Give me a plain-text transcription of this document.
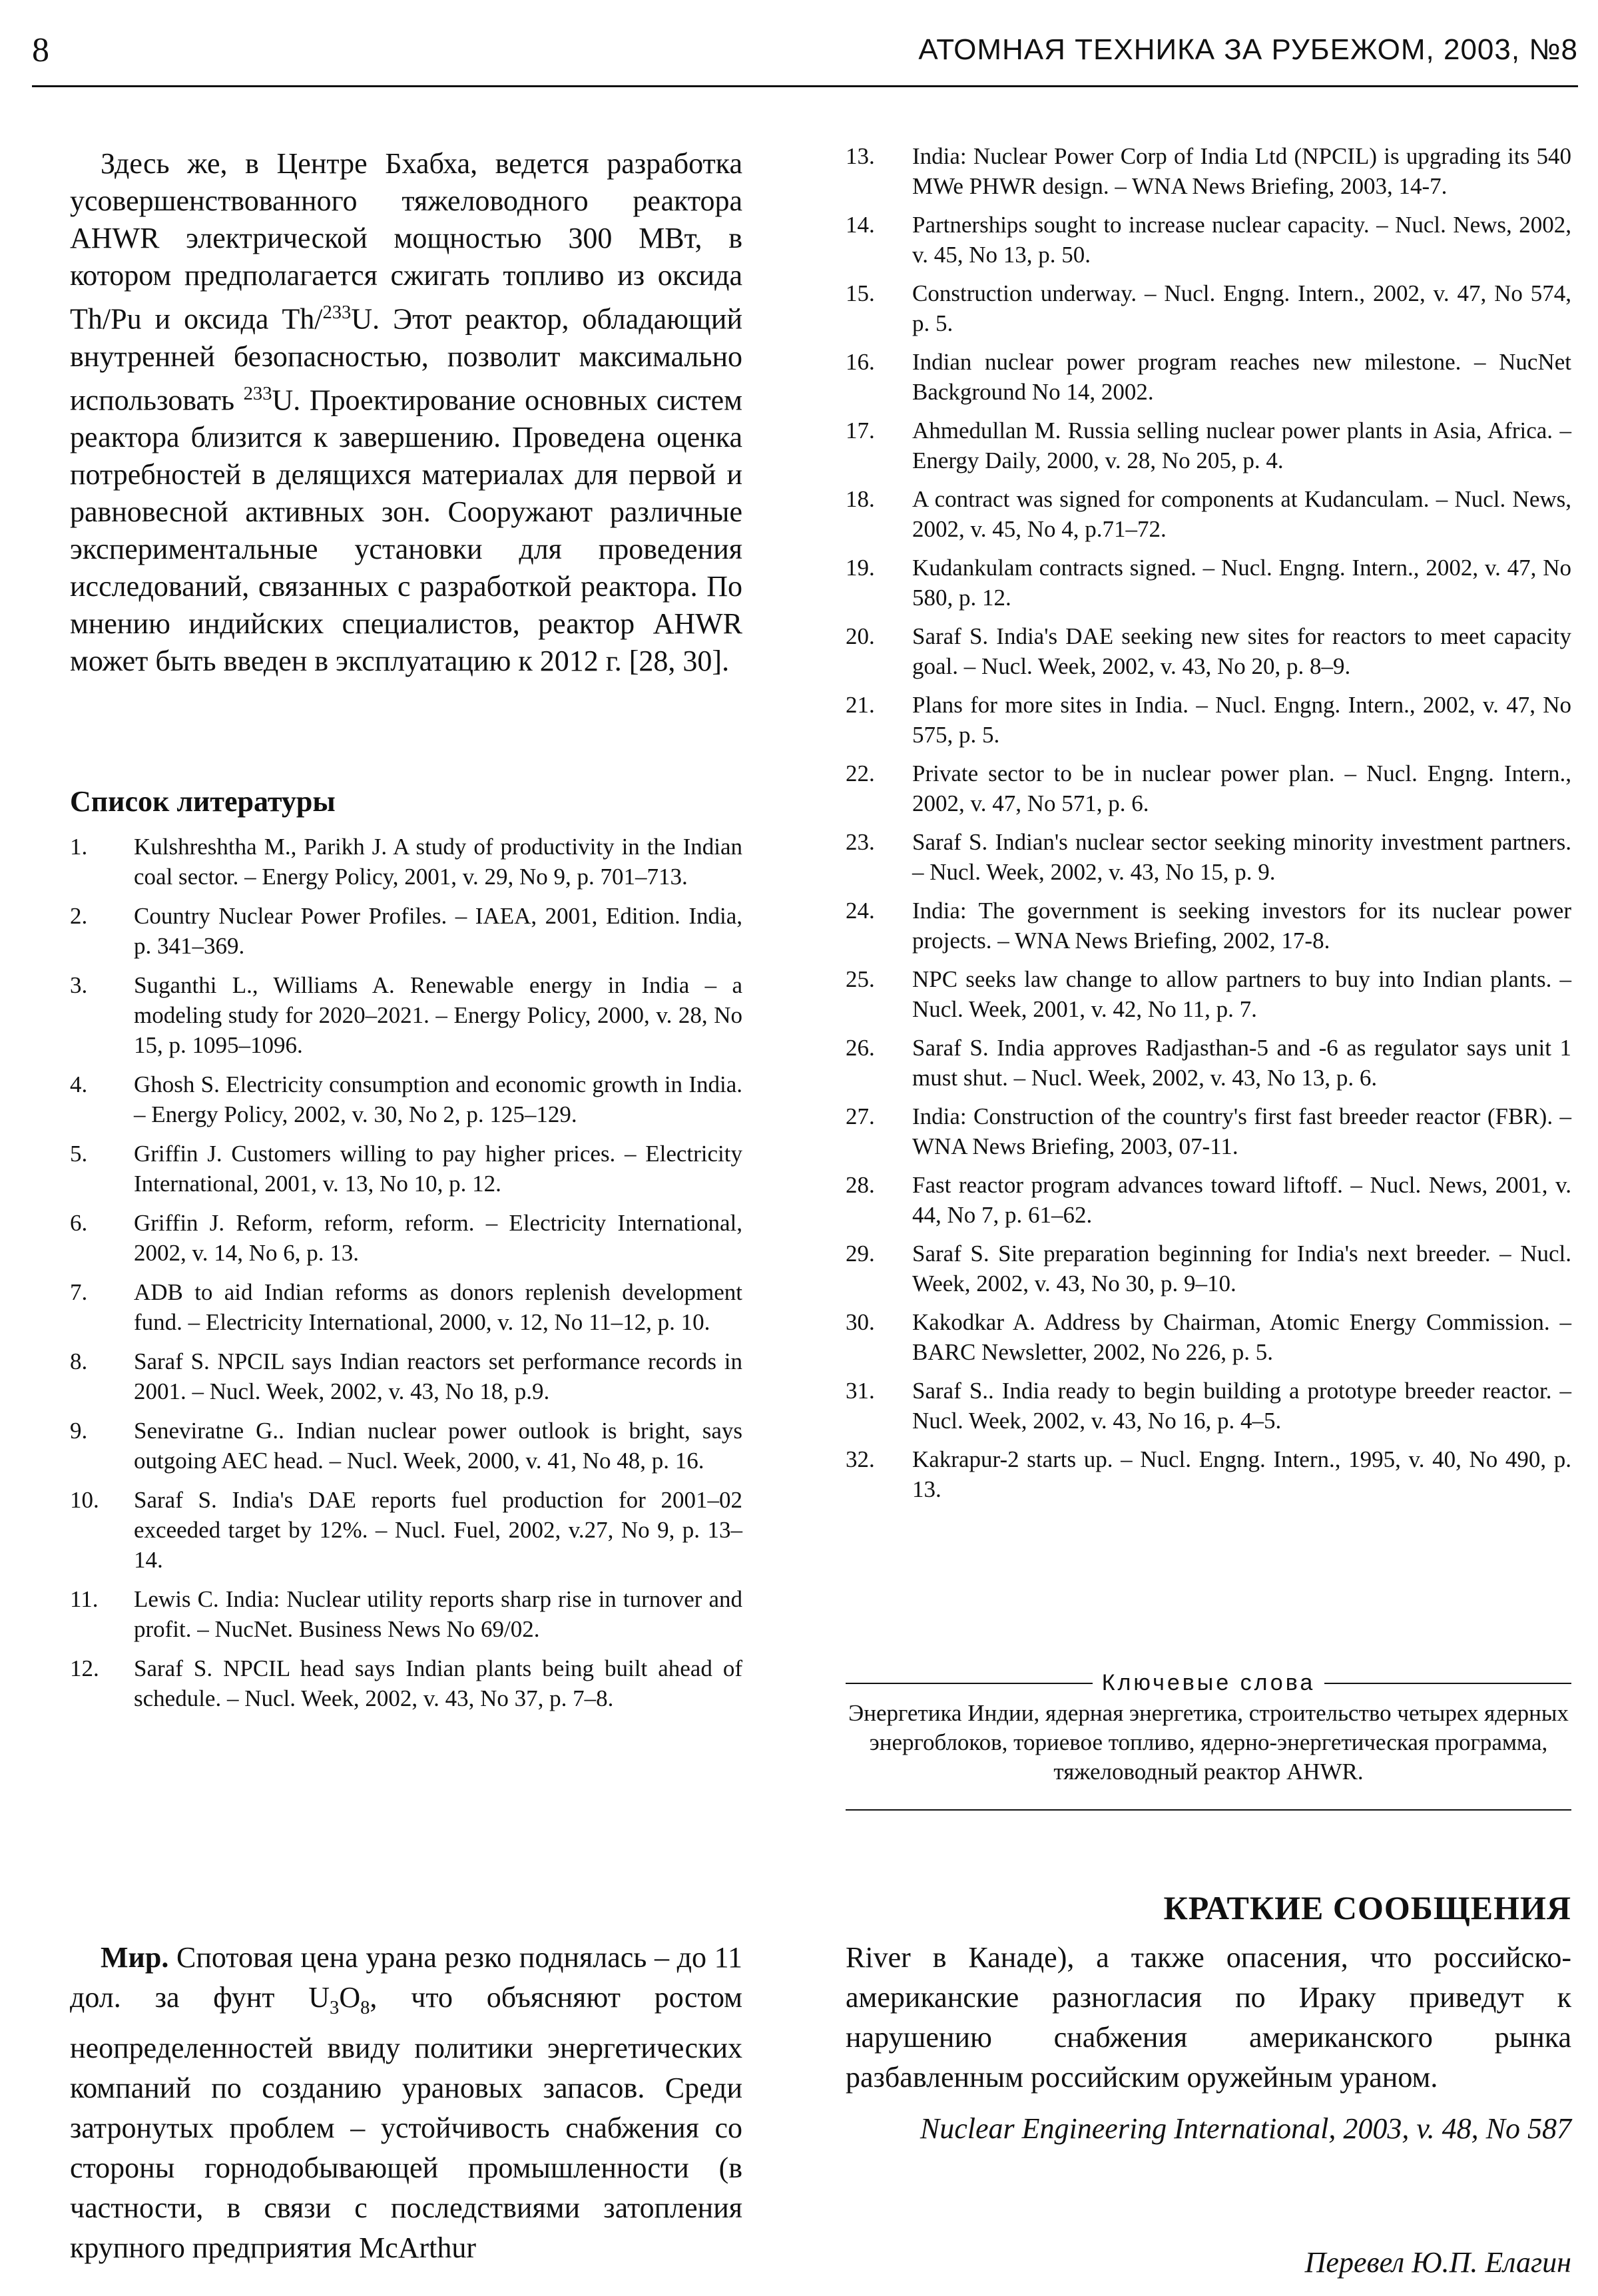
8	АТОМНАЯ ТЕХНИКА ЗА РУБЕЖОМ, 2003, №8
Здесь же, в Центре Бхабха, ведется разработка усовершенствованного тяжеловодного реактора AHWR электрической мощностью 300 МВт, в котором предполагается сжигать топливо из оксида Th/Pu и оксида Th/$^{233}$U. Этот реактор, обладающий внутренней безопасностью, позволит максимально использовать $^{233}$U. Проектирование основных систем реактора близится к завершению. Проведена оценка потребностей в делящихся материалах для первой и равновесной активных зон. Сооружают различные экспериментальные установки для проведения исследований, связанных с разработкой реактора. По мнению индийских специалистов, реактор AHWR может быть введен в эксплуатацию к 2012 г. [28, 30].
Список литературы
1. Kulshreshtha M., Parikh J. A study of productivity in the Indian coal sector. – Energy Policy, 2001, v. 29, No 9, p. 701–713.
2. Country Nuclear Power Profiles. – IAEA, 2001, Edition. India, p. 341–369.
3. Suganthi L., Williams A. Renewable energy in India – a modeling study for 2020–2021. – Energy Policy, 2000, v. 28, No 15, p. 1095–1096.
4. Ghosh S. Electricity consumption and economic growth in India. – Energy Policy, 2002, v. 30, No 2, p. 125–129.
5. Griffin J. Customers willing to pay higher prices. – Electricity International, 2001, v. 13, No 10, p. 12.
6. Griffin J. Reform, reform, reform. – Electricity International, 2002, v. 14, No 6, p. 13.
7. ADB to aid Indian reforms as donors replenish development fund. – Electricity International, 2000, v. 12, No 11–12, p. 10.
8. Saraf S. NPCIL says Indian reactors set performance records in 2001. – Nucl. Week, 2002, v. 43, No 18, p.9.
9. Seneviratne G.. Indian nuclear power outlook is bright, says outgoing AEC head. – Nucl. Week, 2000, v. 41, No 48, p. 16.
10. Saraf S. India's DAE reports fuel production for 2001–02 exceeded target by 12%. – Nucl. Fuel, 2002, v.27, No 9, p. 13–14.
11. Lewis C. India: Nuclear utility reports sharp rise in turnover and profit. – NucNet. Business News No 69/02.
12. Saraf S. NPCIL head says Indian plants being built ahead of schedule. – Nucl. Week, 2002, v. 43, No 37, p. 7–8.
13. India: Nuclear Power Corp of India Ltd (NPCIL) is upgrading its 540 MWe PHWR design. – WNA News Briefing, 2003, 14-7.
14. Partnerships sought to increase nuclear capacity. – Nucl. News, 2002, v. 45, No 13, p. 50.
15. Construction underway. – Nucl. Engng. Intern., 2002, v. 47, No 574, p. 5.
16. Indian nuclear power program reaches new milestone. – NucNet Background No 14, 2002.
17. Ahmedullan M. Russia selling nuclear power plants in Asia, Africa. – Energy Daily, 2000, v. 28, No 205, p. 4.
18. A contract was signed for components at Kudanculam. – Nucl. News, 2002, v. 45, No 4, p.71–72.
19. Kudankulam contracts signed. – Nucl. Engng. Intern., 2002, v. 47, No 580, p. 12.
20. Saraf S. India's DAE seeking new sites for reactors to meet capacity goal. – Nucl. Week, 2002, v. 43, No 20, p. 8–9.
21. Plans for more sites in India. – Nucl. Engng. Intern., 2002, v. 47, No 575, p. 5.
22. Private sector to be in nuclear power plan. – Nucl. Engng. Intern., 2002, v. 47, No 571, p. 6.
23. Saraf S. Indian's nuclear sector seeking minority investment partners. – Nucl. Week, 2002, v. 43, No 15, p. 9.
24. India: The government is seeking investors for its nuclear power projects. – WNA News Briefing, 2002, 17-8.
25. NPC seeks law change to allow partners to buy into Indian plants. – Nucl. Week, 2001, v. 42, No 11, p. 7.
26. Saraf S. India approves Radjasthan-5 and -6 as regulator says unit 1 must shut. – Nucl. Week, 2002, v. 43, No 13, p. 6.
27. India: Construction of the country's first fast breeder reactor (FBR). – WNA News Briefing, 2003, 07-11.
28. Fast reactor program advances toward liftoff. – Nucl. News, 2001, v. 44, No 7, p. 61–62.
29. Saraf S. Site preparation beginning for India's next breeder. – Nucl. Week, 2002, v. 43, No 30, p. 9–10.
30. Kakodkar A. Address by Chairman, Atomic Energy Commission. – BARC Newsletter, 2002, No 226, p. 5.
31. Saraf S.. India ready to begin building a prototype breeder reactor. – Nucl. Week, 2002, v. 43, No 16, p. 4–5.
32. Kakrapur-2 starts up. – Nucl. Engng. Intern., 1995, v. 40, No 490, p. 13.
Ключевые слова
Энергетика Индии, ядерная энергетика, строительство четырех ядерных энергоблоков, ториевое топливо, ядерно-энергетическая программа, тяжеловодный реактор AHWR.
КРАТКИЕ СООБЩЕНИЯ
Мир. Спотовая цена урана резко поднялась – до 11 дол. за фунт $U_3O_8$, что объясняют ростом неопределенностей ввиду политики энергетических компаний по созданию урановых запасов. Среди затронутых проблем – устойчивость снабжения со стороны горнодобывающей промышленности (в частности, в связи с последствиями затопления крупного предприятия McArthur
River в Канаде), а также опасения, что российско-американские разногласия по Ираку приведут к нарушению снабжения американского рынка разбавленным российским оружейным ураном.
Nuclear Engineering International, 2003, v. 48, No 587
Перевел Ю.П. Елагин
